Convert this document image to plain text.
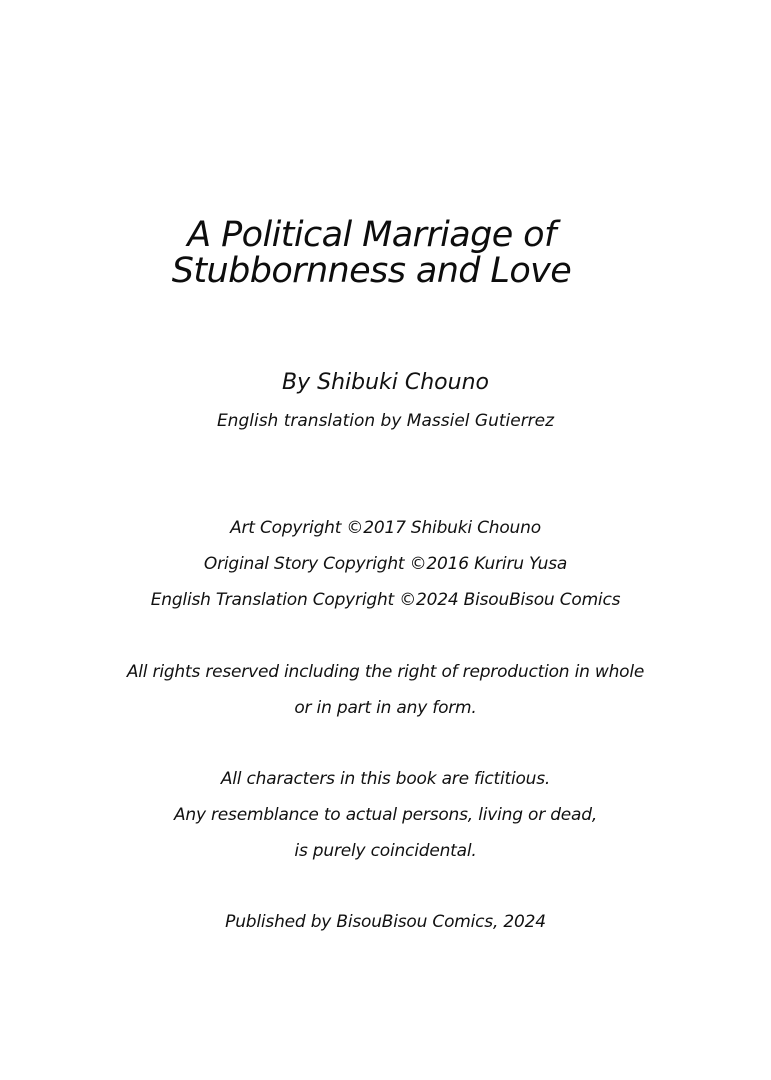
A Political Marriage of
Stubbornness and Love
By Shibuki Chouno
English translation by Massiel Gutierrez
Art Copyright ©2017 Shibuki Chouno
Original Story Copyright ©2016 Kuriru Yusa
English Translation Copyright ©2024 BisouBisou Comics
All rights reserved including the right of reproduction in whole
or in part in any form.
All characters in this book are fictitious.
Any resemblance to actual persons, living or dead,
is purely coincidental.
Published by BisouBisou Comics, 2024
